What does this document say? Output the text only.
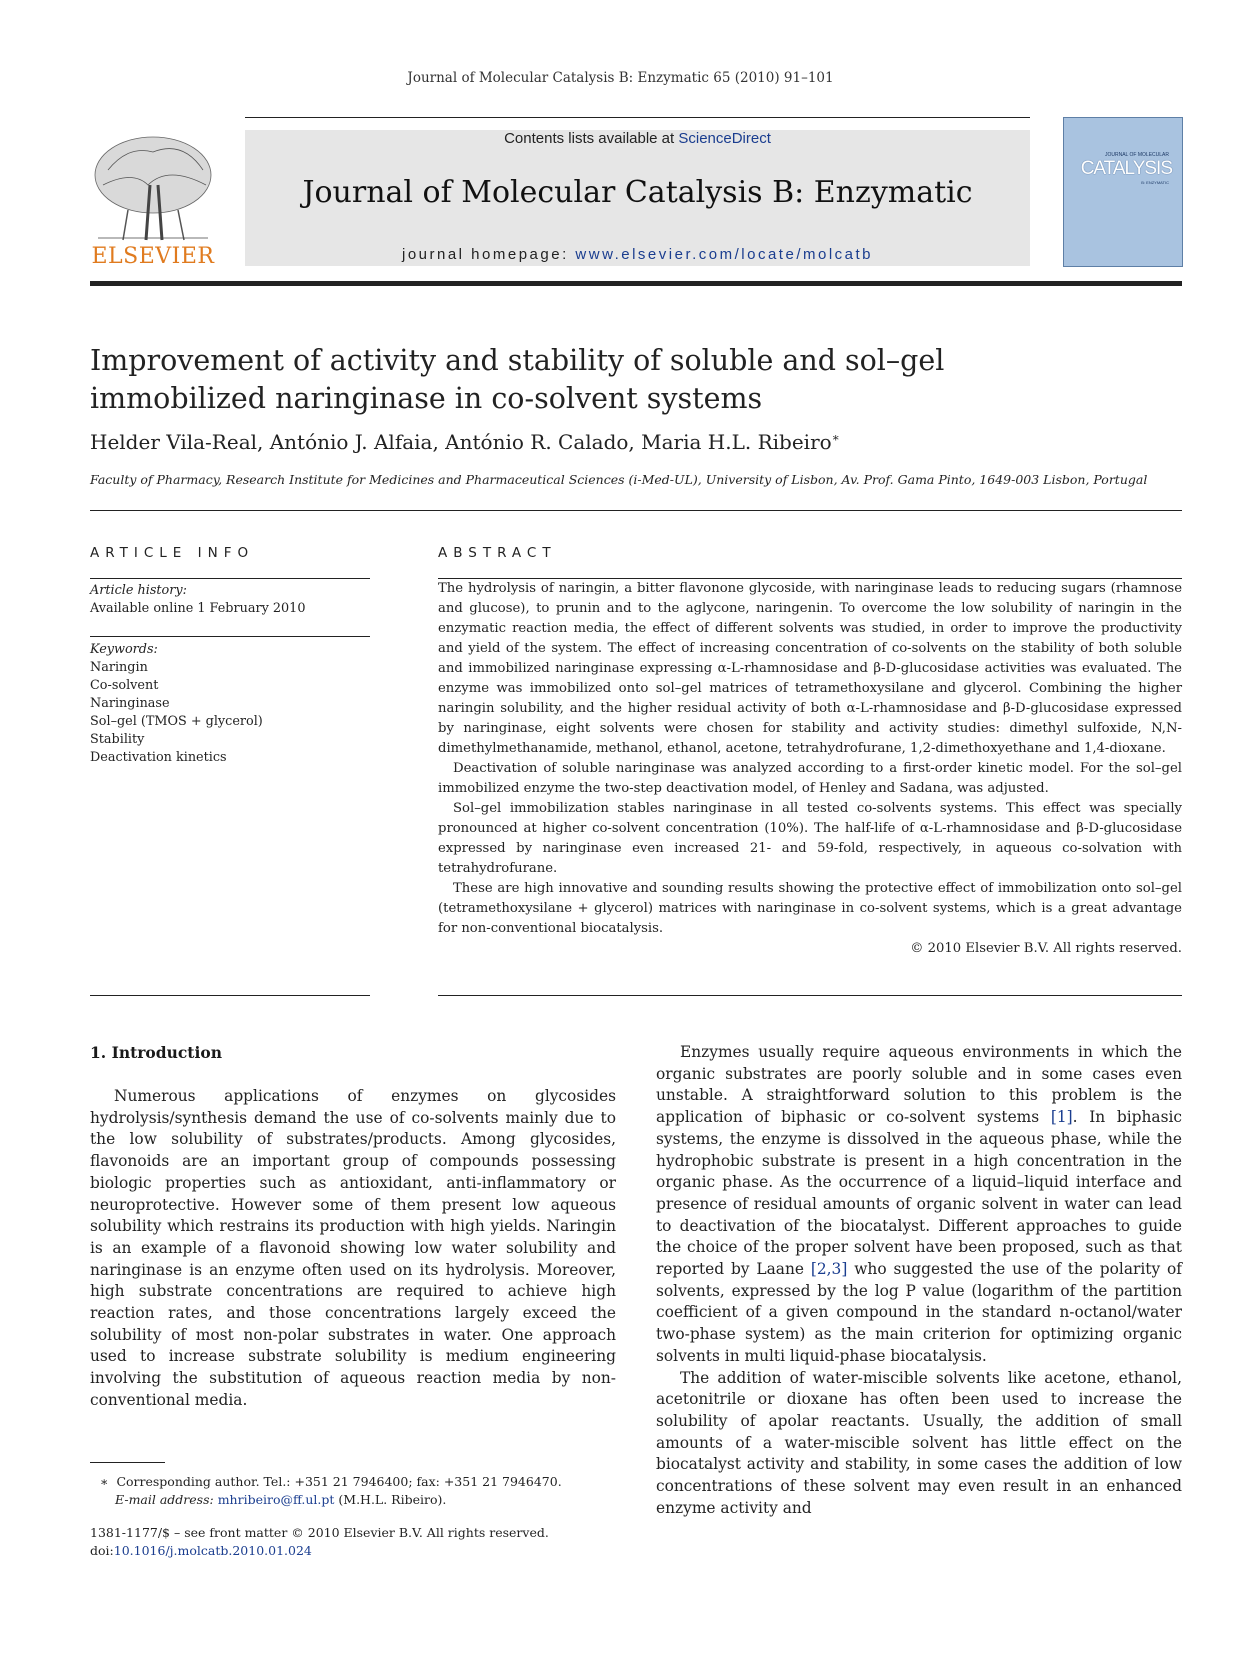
Journal of Molecular Catalysis B: Enzymatic 65 (2010) 91–101
ELSEVIER
Contents lists available at ScienceDirect
Journal of Molecular Catalysis B: Enzymatic
journal homepage: www.elsevier.com/locate/molcatb
JOURNAL OF MOLECULAR
CATALYSIS
B: ENZYMATIC
Improvement of activity and stability of soluble and sol–gel immobilized naringinase in co-solvent systems
Helder Vila-Real, António J. Alfaia, António R. Calado, Maria H.L. Ribeiro∗
Faculty of Pharmacy, Research Institute for Medicines and Pharmaceutical Sciences (i-Med-UL), University of Lisbon, Av. Prof. Gama Pinto, 1649-003 Lisbon, Portugal
ARTICLE INFO
Article history:
Available online 1 February 2010
Keywords:
Naringin
Co-solvent
Naringinase
Sol–gel (TMOS + glycerol)
Stability
Deactivation kinetics
ABSTRACT

The hydrolysis of naringin, a bitter flavonone glycoside, with naringinase leads to reducing sugars (rhamnose and glucose), to prunin and to the aglycone, naringenin. To overcome the low solubility of naringin in the enzymatic reaction media, the effect of different solvents was studied, in order to improve the productivity and yield of the system. The effect of increasing concentration of co-solvents on the stability of both soluble and immobilized naringinase expressing α-L-rhamnosidase and β-D-glucosidase activities was evaluated. The enzyme was immobilized onto sol–gel matrices of tetramethoxysilane and glycerol. Combining the higher naringin solubility, and the higher residual activity of both α-L-rhamnosidase and β-D-glucosidase expressed by naringinase, eight solvents were chosen for stability and activity studies: dimethyl sulfoxide, N,N-dimethylmethanamide, methanol, ethanol, acetone, tetrahydrofurane, 1,2-dimethoxyethane and 1,4-dioxane.

Deactivation of soluble naringinase was analyzed according to a first-order kinetic model. For the sol–gel immobilized enzyme the two-step deactivation model, of Henley and Sadana, was adjusted.

Sol–gel immobilization stables naringinase in all tested co-solvents systems. This effect was specially pronounced at higher co-solvent concentration (10%). The half-life of α-L-rhamnosidase and β-D-glucosidase expressed by naringinase even increased 21- and 59-fold, respectively, in aqueous co-solvation with tetrahydrofurane.

These are high innovative and sounding results showing the protective effect of immobilization onto sol–gel (tetramethoxysilane + glycerol) matrices with naringinase in co-solvent systems, which is a great advantage for non-conventional biocatalysis.

© 2010 Elsevier B.V. All rights reserved.

1. Introduction

Numerous applications of enzymes on glycosides hydrolysis/synthesis demand the use of co-solvents mainly due to the low solubility of substrates/products. Among glycosides, flavonoids are an important group of compounds possessing biologic properties such as antioxidant, anti-inflammatory or neuroprotective. However some of them present low aqueous solubility which restrains its production with high yields. Naringin is an example of a flavonoid showing low water solubility and naringinase is an enzyme often used on its hydrolysis. Moreover, high substrate concentrations are required to achieve high reaction rates, and those concentrations largely exceed the solubility of most non-polar substrates in water. One approach used to increase substrate solubility is medium engineering involving the substitution of aqueous reaction media by non-conventional media.

Enzymes usually require aqueous environments in which the organic substrates are poorly soluble and in some cases even unstable. A straightforward solution to this problem is the application of biphasic or co-solvent systems [1]. In biphasic systems, the enzyme is dissolved in the aqueous phase, while the hydrophobic substrate is present in a high concentration in the organic phase. As the occurrence of a liquid–liquid interface and presence of residual amounts of organic solvent in water can lead to deactivation of the biocatalyst. Different approaches to guide the choice of the proper solvent have been proposed, such as that reported by Laane [2,3] who suggested the use of the polarity of solvents, expressed by the log P value (logarithm of the partition coefficient of a given compound in the standard n-octanol/water two-phase system) as the main criterion for optimizing organic solvents in multi liquid-phase biocatalysis.

The addition of water-miscible solvents like acetone, ethanol, acetonitrile or dioxane has often been used to increase the solubility of apolar reactants. Usually, the addition of small amounts of a water-miscible solvent has little effect on the biocatalyst activity and stability, in some cases the addition of low concentrations of these solvent may even result in an enhanced enzyme activity and

∗ Corresponding author. Tel.: +351 21 7946400; fax: +351 21 7946470.
E-mail address: mhribeiro@ff.ul.pt (M.H.L. Ribeiro).
1381-1177/$ – see front matter © 2010 Elsevier B.V. All rights reserved.
doi:10.1016/j.molcatb.2010.01.024
